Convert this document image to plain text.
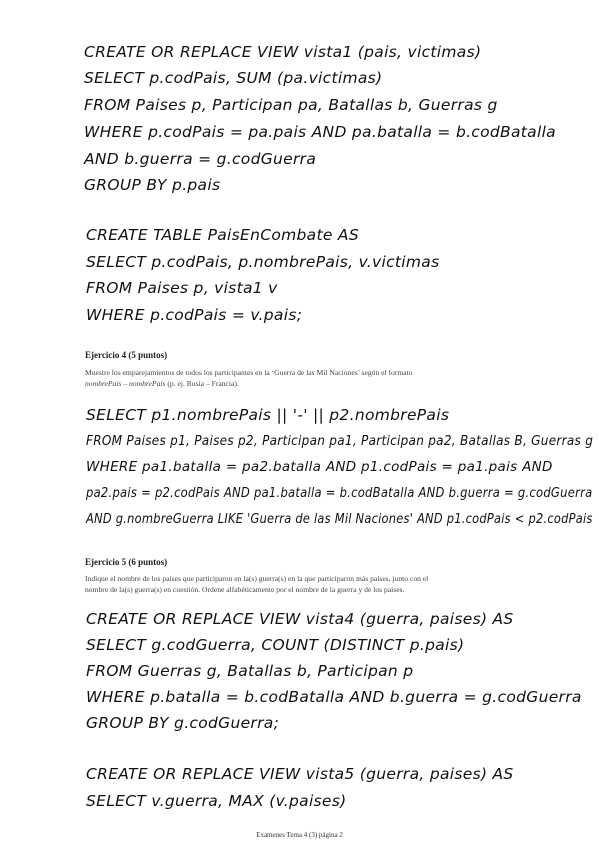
CREATE OR REPLACE VIEW vista1 (pais, victimas)
SELECT p.codPais, SUM (pa.victimas)
FROM Paises p, Participan pa, Batallas b, Guerras g
WHERE p.codPais = pa.pais AND pa.batalla = b.codBatalla
AND b.guerra = g.codGuerra
GROUP BY p.pais
CREATE TABLE PaisEnCombate AS
SELECT p.codPais, p.nombrePais, v.victimas
FROM Paises p, vista1 v
WHERE p.codPais = v.pais;
Ejercicio 4 (5 puntos)
Muestre los emparejamientos de todos los participantes en la ‘Guerra de las Mil Naciones’ según el formato
nombrePaís – nombrePaís (p. ej. Rusia – Francia).
SELECT p1.nombrePais || '-' || p2.nombrePais
FROM Paises p1, Paises p2, Participan pa1, Participan pa2, Batallas B, Guerras g
WHERE pa1.batalla = pa2.batalla AND p1.codPais = pa1.pais AND
pa2.pais = p2.codPais AND pa1.batalla = b.codBatalla AND b.guerra = g.codGuerra
AND g.nombreGuerra LIKE 'Guerra de las Mil Naciones' AND p1.codPais < p2.codPais
Ejercicio 5 (6 puntos)
Indique el nombre de los países que participaron en la(s) guerra(s) en la que participaron más países, junto con el
nombre de la(s) guerra(s) en cuestión. Ordene alfabéticamente por el nombre de la guerra y de los países.
CREATE OR REPLACE VIEW vista4 (guerra, paises) AS
SELECT g.codGuerra, COUNT (DISTINCT p.pais)
FROM Guerras g, Batallas b, Participan p
WHERE p.batalla = b.codBatalla AND b.guerra = g.codGuerra
GROUP BY g.codGuerra;
CREATE OR REPLACE VIEW vista5 (guerra, paises) AS
SELECT v.guerra, MAX (v.paises)
Examenes Tema 4 (3) página 2
